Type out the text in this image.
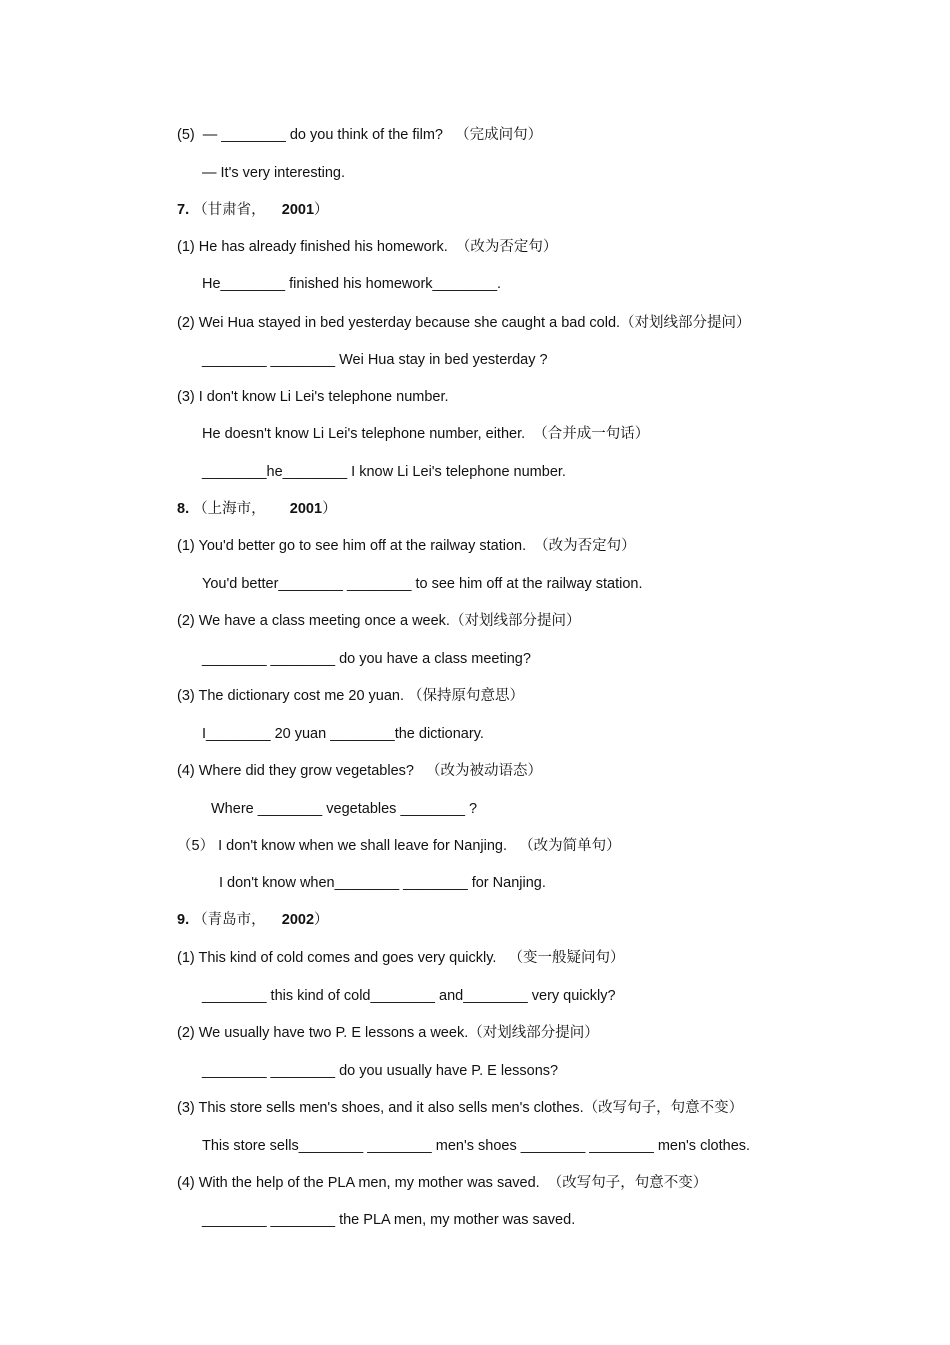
(5)  — ________ do you think of the film?   （完成问句）
— It's very interesting.
7. （甘肃省， 2001）
(1) He has already finished his homework.  （改为否定句）
He________ finished his homework________.
(2) Wei Hua stayed in bed yesterday because she caught a bad cold.（对划线部分提问）
________ ________ Wei Hua stay in bed yesterday ?
(3) I don't know Li Lei's telephone number.
He doesn't know Li Lei's telephone number, either.  （合并成一句话）
________he________ I know Li Lei's telephone number.
8. （上海市， 2001）
(1) You'd better go to see him off at the railway station.  （改为否定句）
You'd better________ ________ to see him off at the railway station.
(2) We have a class meeting once a week.（对划线部分提问）
________ ________ do you have a class meeting?
(3) The dictionary cost me 20 yuan. （保持原句意思）
I________ 20 yuan ________the dictionary.
(4) Where did they grow vegetables?   （改为被动语态）
Where ________ vegetables ________ ?
（5） I don't know when we shall leave for Nanjing.   （改为简单句）
I don't know when________ ________ for Nanjing.
9. （青岛市， 2002）
(1) This kind of cold comes and goes very quickly.   （变一般疑问句）
________ this kind of cold________ and________ very quickly?
(2) We usually have two P. E lessons a week.（对划线部分提问）
________ ________ do you usually have P. E lessons?
(3) This store sells men's shoes, and it also sells men's clothes.（改写句子，句意不变）
This store sells________ ________ men's shoes ________ ________ men's clothes.
(4) With the help of the PLA men, my mother was saved.  （改写句子，句意不变）
________ ________ the PLA men, my mother was saved.
